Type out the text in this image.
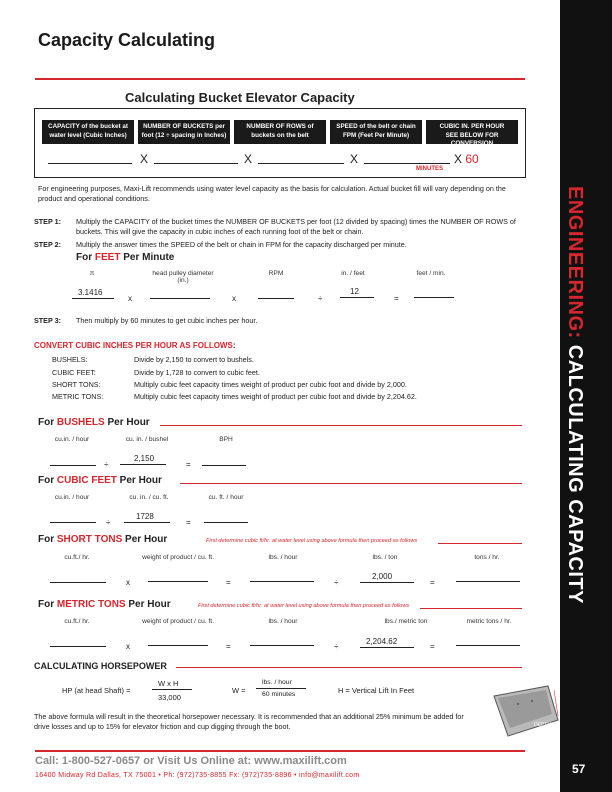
Capacity Calculating
Calculating Bucket Elevator Capacity
CAPACITY of the bucket at water level (Cubic Inches)
NUMBER OF BUCKETS per foot (12 ÷ spacing in Inches)
NUMBER OF ROWS of buckets on the belt
SPEED of the belt or chain FPM (Feet Per Minute)
CUBIC IN. PER HOUR
SEE BELOW FOR CONVERSION
X	X	X	X 60
MINUTES
For engineering purposes, Maxi-Lift recommends using water level capacity as the basis for calculation. Actual bucket fill will vary depending on the product and operational conditions.
STEP 1: Multiply the CAPACITY of the bucket times the NUMBER OF BUCKETS per foot (12 divided by spacing) times the NUMBER OF ROWS of buckets. This will give the capacity in cubic inches of each running foot of the belt or chain.
STEP 2: Multiply the answer times the SPEED of the belt or chain in FPM for the capacity discharged per minute.
For FEET Per Minute
π	head pulley diameter (in.)
RPM	in. / feet	feet / min.
3.1416
x	x	÷
12
=
STEP 3: Then multiply by 60 minutes to get cubic inches per hour.
CONVERT CUBIC INCHES PER HOUR AS FOLLOWS:
BUSHELS:	Divide by 2,150 to convert to bushels.
CUBIC FEET:	Divide by 1,728 to convert to cubic feet.
SHORT TONS:	Multiply cubic feet capacity times weight of product per cubic foot and divide by 2,000.
METRIC TONS:	Multiply cubic feet capacity times weight of product per cubic foot and divide by 2,204.62.
For BUSHELS Per Hour
cu.in. / hour	cu. in. / bushel	BPH
÷
2,150
=
For CUBIC FEET Per Hour
cu.in. / hour	cu. in. / cu. ft.	cu. ft. / hour
÷
1728
=
For SHORT TONS Per Hour	First determine cubic ft/hr. at water level using above formula then proceed as follows
cu.ft./ hr.	weight of product / cu. ft.	lbs. / hour	lbs. / ton	tons / hr.
x	=	÷
2,000
=
For METRIC TONS Per Hour	First determine cubic ft/hr. at water level using above formula then proceed as follows
cu.ft./ hr.	weight of product / cu. ft.	lbs. / hour	lbs./ metric ton	metric tons / hr.
x	=	÷
2,204.62
=
CALCULATING HORSEPOWER
HP (at head Shaft) =
W x H
33,000
W =
lbs. / hour
60 minutes	H = Vertical Lift In Feet
The above formula will result in the theoretical horsepower necessary. It is recommended that an additional 25% minimum be added for drive losses and up to 15% for elevator friction and cup digging through the boot.	DEPTH
LENGTH
ENGINEERING: CALCULATING CAPACITY
57
Call: 1-800-527-0657 or Visit Us Online at: www.maxilift.com
16400 Midway Rd Dallas, TX 75001 • Ph: (972)735-8855 Fx: (972)735-8896 • info@maxilift.com
